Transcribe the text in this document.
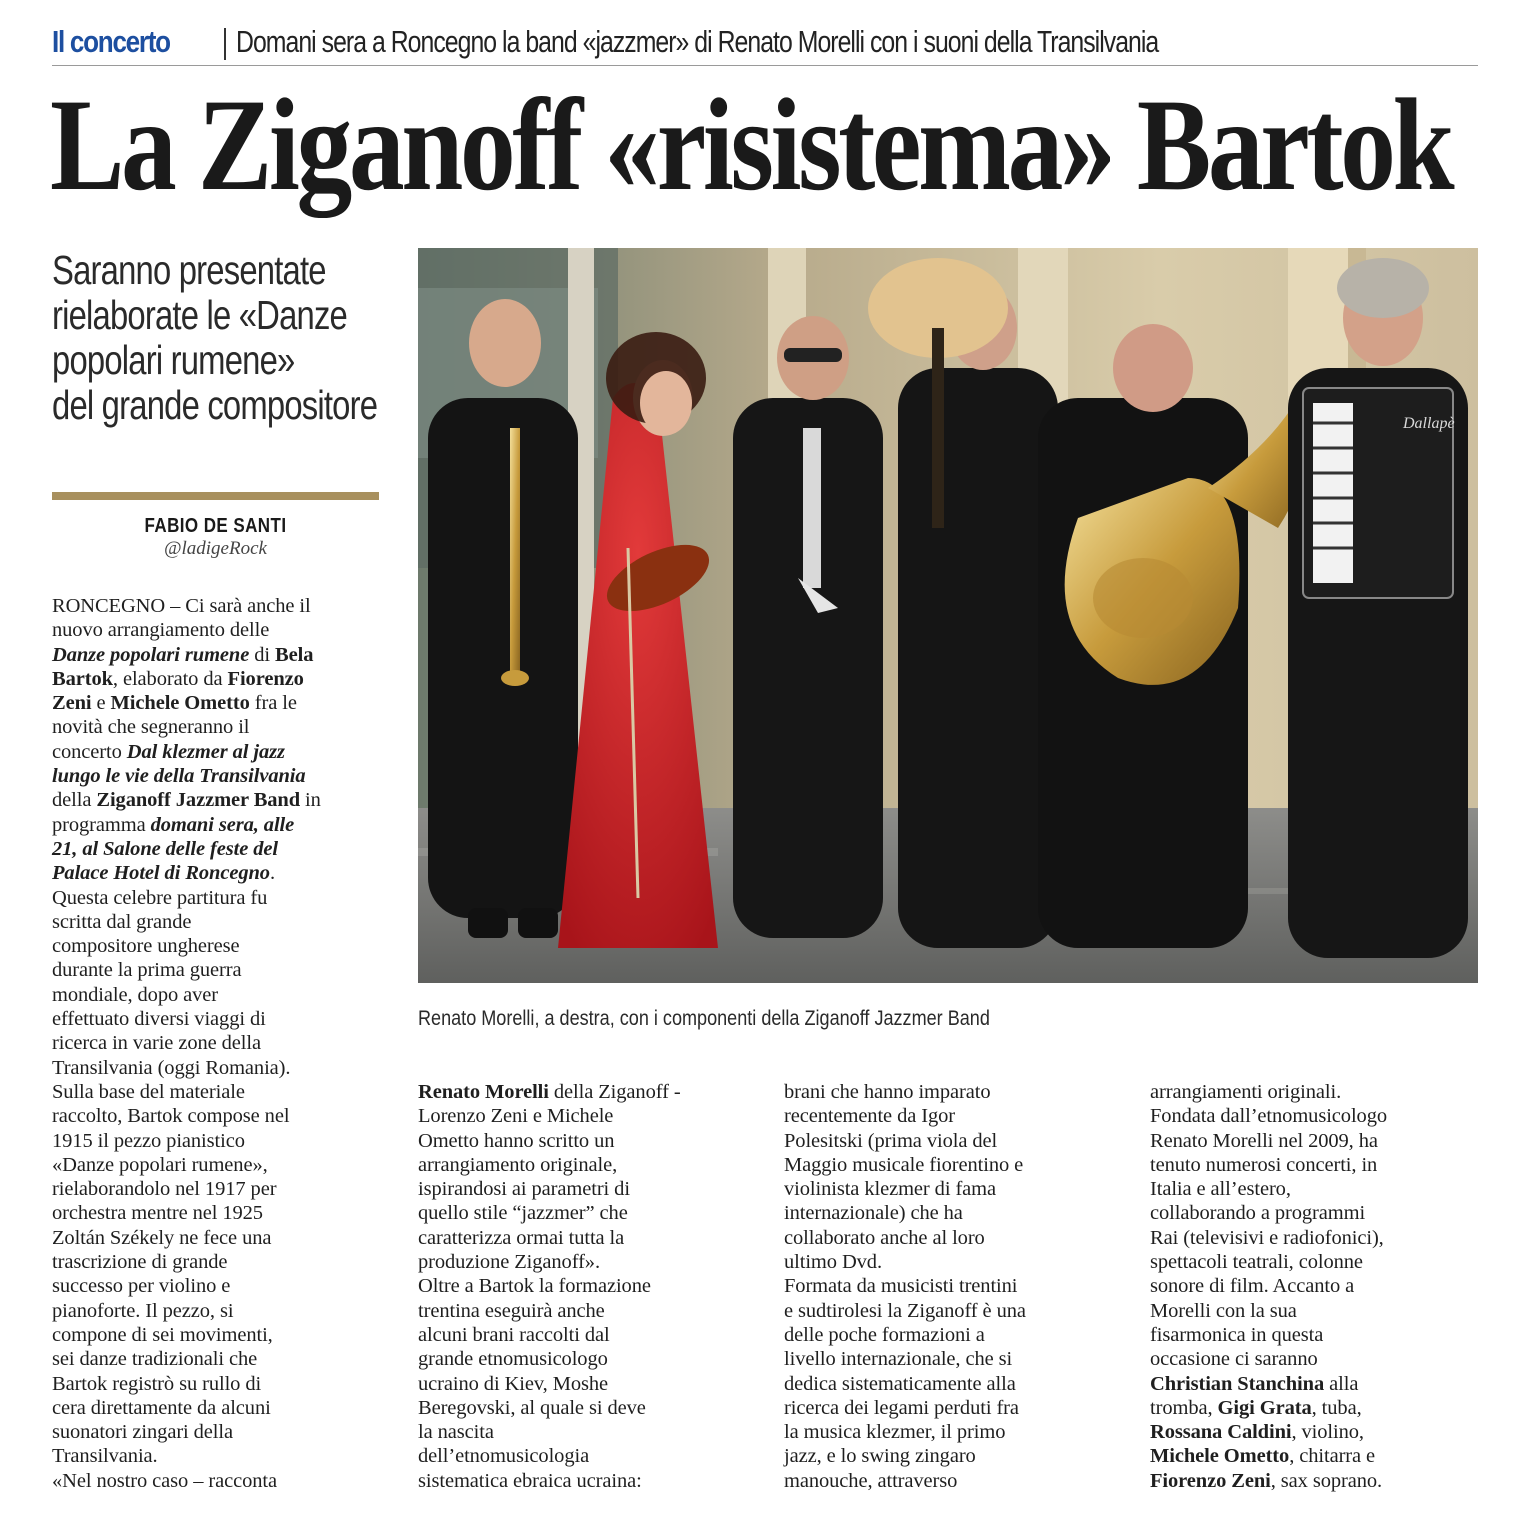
Il concerto Domani sera a Roncegno la band «jazzmer» di Renato Morelli con i suoni della Transilvania
La Ziganoff «risistema» Bartok
Saranno presentate
rielaborate le «Danze
popolari rumene»
del grande compositore
FABIO DE SANTI
@ladigeRock
RONCEGNO – Ci sarà anche il
nuovo arrangiamento delle
Danze popolari rumene di Bela
Bartok, elaborato da Fiorenzo
Zeni e Michele Ometto fra le
novità che segneranno il
concerto Dal klezmer al jazz
lungo le vie della Transilvania
della Ziganoff Jazzmer Band in
programma domani sera, alle
21, al Salone delle feste del
Palace Hotel di Roncegno.
Questa celebre partitura fu
scritta dal grande
compositore ungherese
durante la prima guerra
mondiale, dopo aver
effettuato diversi viaggi di
ricerca in varie zone della
Transilvania (oggi Romania).
Sulla base del materiale
raccolto, Bartok compose nel
1915 il pezzo pianistico
«Danze popolari rumene»,
rielaborandolo nel 1917 per
orchestra mentre nel 1925
Zoltán Székely ne fece una
trascrizione di grande
successo per violino e
pianoforte. Il pezzo, si
compone di sei movimenti,
sei danze tradizionali che
Bartok registrò su rullo di
cera direttamente da alcuni
suonatori zingari della
Transilvania.
«Nel nostro caso – racconta
Renato Morelli della Ziganoff -
Lorenzo Zeni e Michele
Ometto hanno scritto un
arrangiamento originale,
ispirandosi ai parametri di
quello stile “jazzmer” che
caratterizza ormai tutta la
produzione Ziganoff».
Oltre a Bartok la formazione
trentina eseguirà anche
alcuni brani raccolti dal
grande etnomusicologo
ucraino di Kiev, Moshe
Beregovski, al quale si deve
la nascita
dell’etnomusicologia
sistematica ebraica ucraina:
brani che hanno imparato
recentemente da Igor
Polesitski (prima viola del
Maggio musicale fiorentino e
violinista klezmer di fama
internazionale) che ha
collaborato anche al loro
ultimo Dvd.
Formata da musicisti trentini
e sudtirolesi la Ziganoff è una
delle poche formazioni a
livello internazionale, che si
dedica sistematicamente alla
ricerca dei legami perduti fra
la musica klezmer, il primo
jazz, e lo swing zingaro
manouche, attraverso
arrangiamenti originali.
Fondata dall’etnomusicologo
Renato Morelli nel 2009, ha
tenuto numerosi concerti, in
Italia e all’estero,
collaborando a programmi
Rai (televisivi e radiofonici),
spettacoli teatrali, colonne
sonore di film. Accanto a
Morelli con la sua
fisarmonica in questa
occasione ci saranno
Christian Stanchina alla
tromba, Gigi Grata, tuba,
Rossana Caldini, violino,
Michele Ometto, chitarra e
Fiorenzo Zeni, sax soprano.
Dallapè
Renato Morelli, a destra, con i componenti della Ziganoff Jazzmer Band
